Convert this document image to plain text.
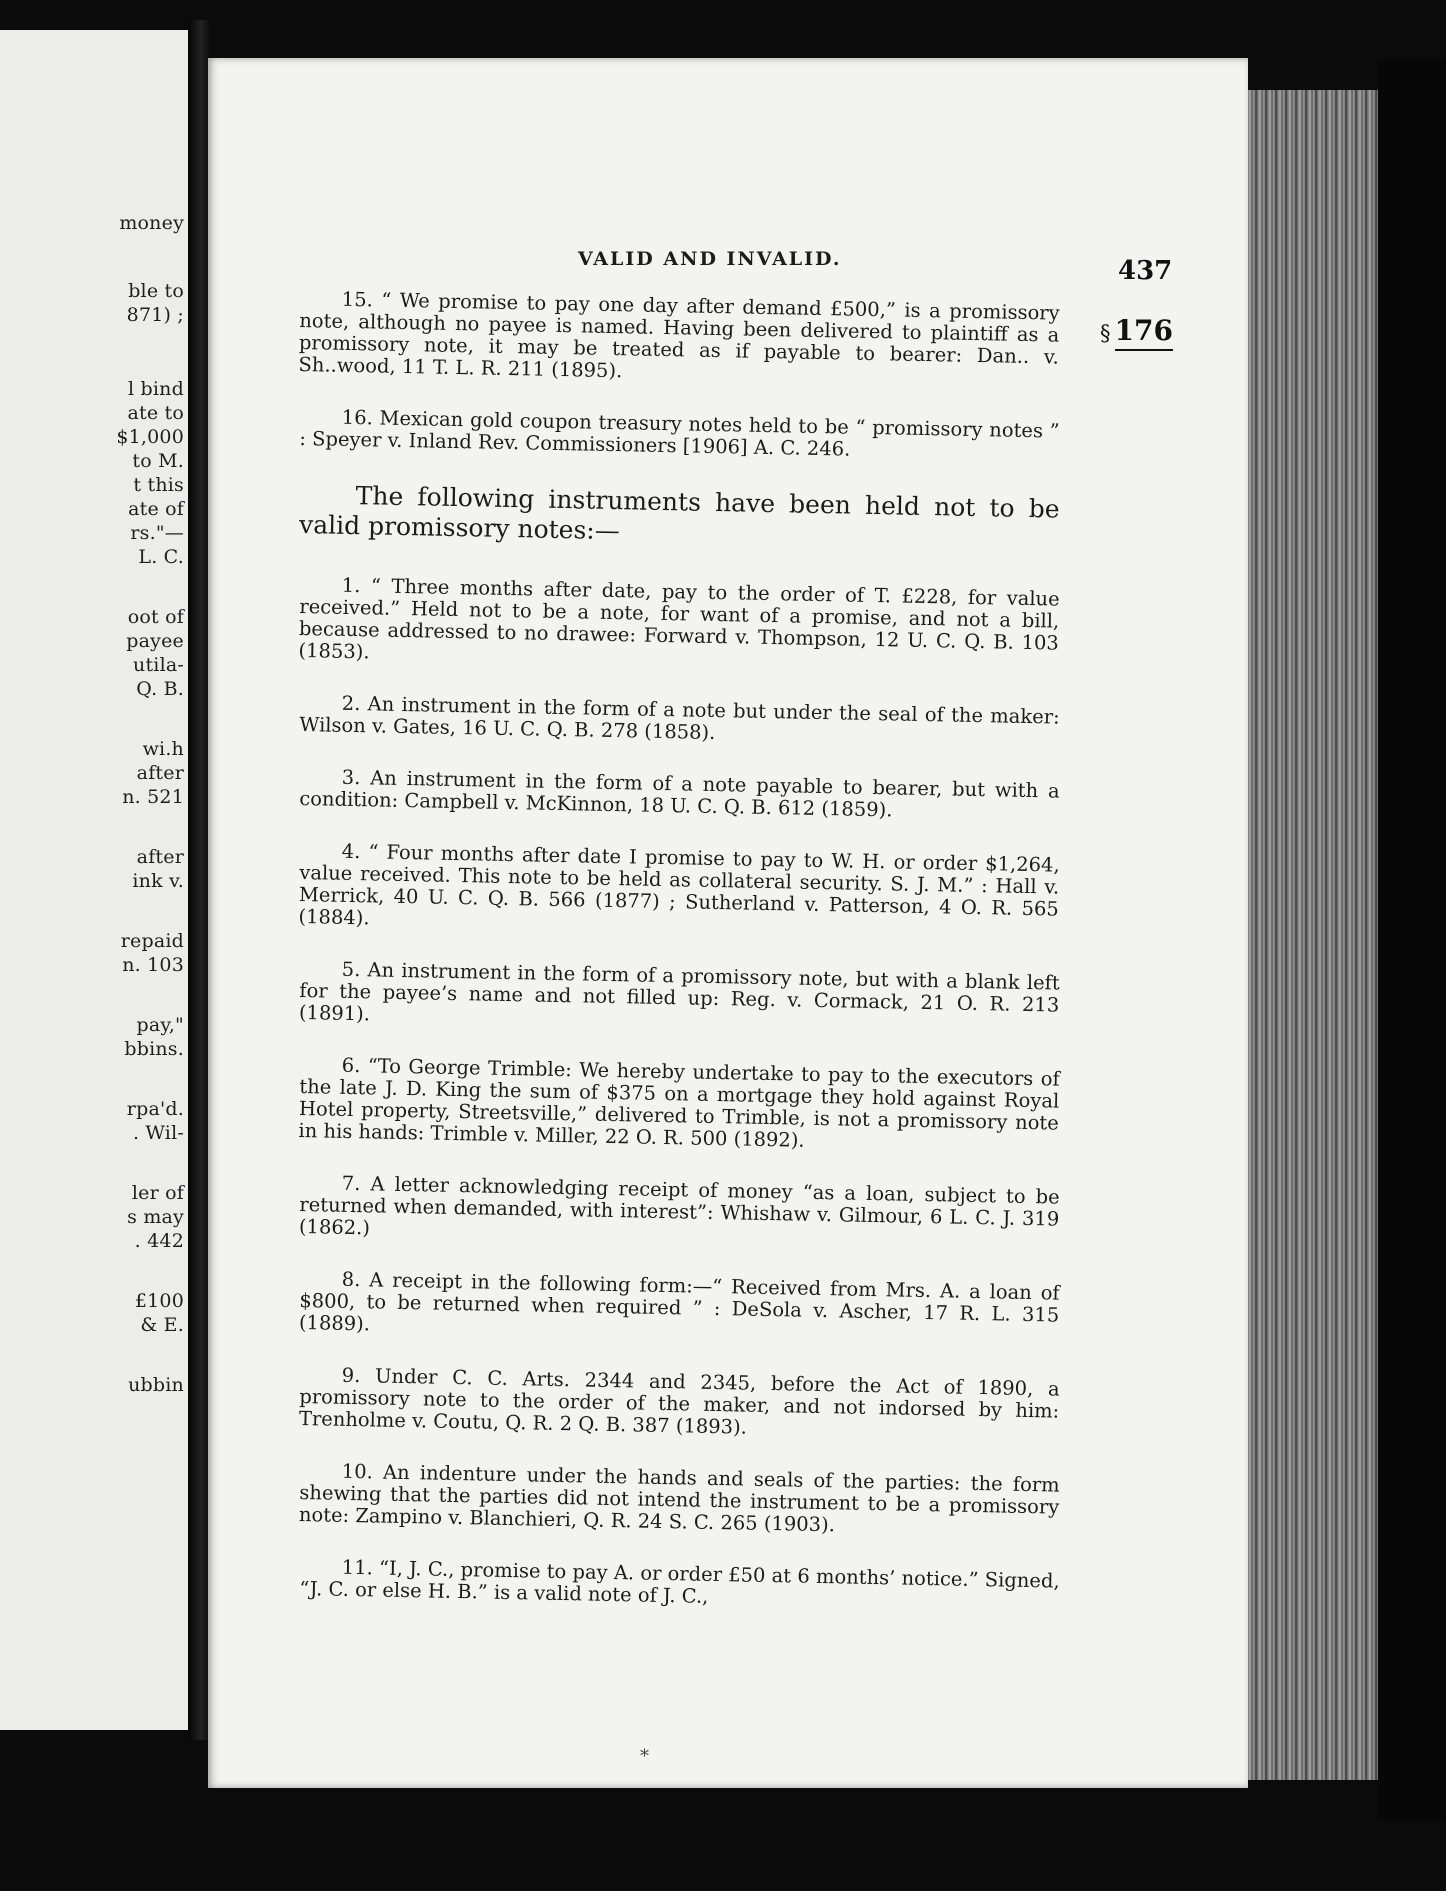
money
ble to
871) ;
l bind
ate to
$1,000
to M.
t this
ate of
rs."—
L. C.
oot of
payee
utila-
Q. B.
wi.h
after
n. 521
after
ink v.
repaid
n. 103
pay,"
bbins.
rpa'd.
. Wil-
ler of
s may
. 442
£100
& E.
ubbin
VALID AND INVALID.	437
§ 176

15. “ We promise to pay one day after demand £500,” is a promissory note, although no payee is named. Having been delivered to plaintiff as a promissory note, it may be treated as if payable to bearer: Dan.. v. Sh..wood, 11 T. L. R. 211 (1895).

16. Mexican gold coupon treasury notes held to be “ promissory notes ” : Speyer v. Inland Rev. Commissioners [1906] A. C. 246.

The following instruments have been held not to be valid promissory notes:—

1. “ Three months after date, pay to the order of T. £228, for value received.” Held not to be a note, for want of a promise, and not a bill, because addressed to no drawee: Forward v. Thompson, 12 U. C. Q. B. 103 (1853).

2. An instrument in the form of a note but under the seal of the maker: Wilson v. Gates, 16 U. C. Q. B. 278 (1858).

3. An instrument in the form of a note payable to bearer, but with a condition: Campbell v. McKinnon, 18 U. C. Q. B. 612 (1859).

4. “ Four months after date I promise to pay to W. H. or order $1,264, value received. This note to be held as collateral security. S. J. M.” : Hall v. Merrick, 40 U. C. Q. B. 566 (1877) ; Sutherland v. Patterson, 4 O. R. 565 (1884).

5. An instrument in the form of a promissory note, but with a blank left for the payee’s name and not filled up: Reg. v. Cormack, 21 O. R. 213 (1891).

6. “To George Trimble: We hereby undertake to pay to the executors of the late J. D. King the sum of $375 on a mortgage they hold against Royal Hotel property, Streetsville,” delivered to Trimble, is not a promissory note in his hands: Trimble v. Miller, 22 O. R. 500 (1892).

7. A letter acknowledging receipt of money “as a loan, subject to be returned when demanded, with interest”: Whishaw v. Gilmour, 6 L. C. J. 319 (1862.)

8. A receipt in the following form:—“ Received from Mrs. A. a loan of $800, to be returned when required ” : DeSola v. Ascher, 17 R. L. 315 (1889).

9. Under C. C. Arts. 2344 and 2345, before the Act of 1890, a promissory note to the order of the maker, and not indorsed by him: Trenholme v. Coutu, Q. R. 2 Q. B. 387 (1893).

10. An indenture under the hands and seals of the parties: the form shewing that the parties did not intend the instrument to be a promissory note: Zampino v. Blanchieri, Q. R. 24 S. C. 265 (1903).

11. “I, J. C., promise to pay A. or order £50 at 6 months’ notice.” Signed, “J. C. or else H. B.” is a valid note of J. C.,

*
